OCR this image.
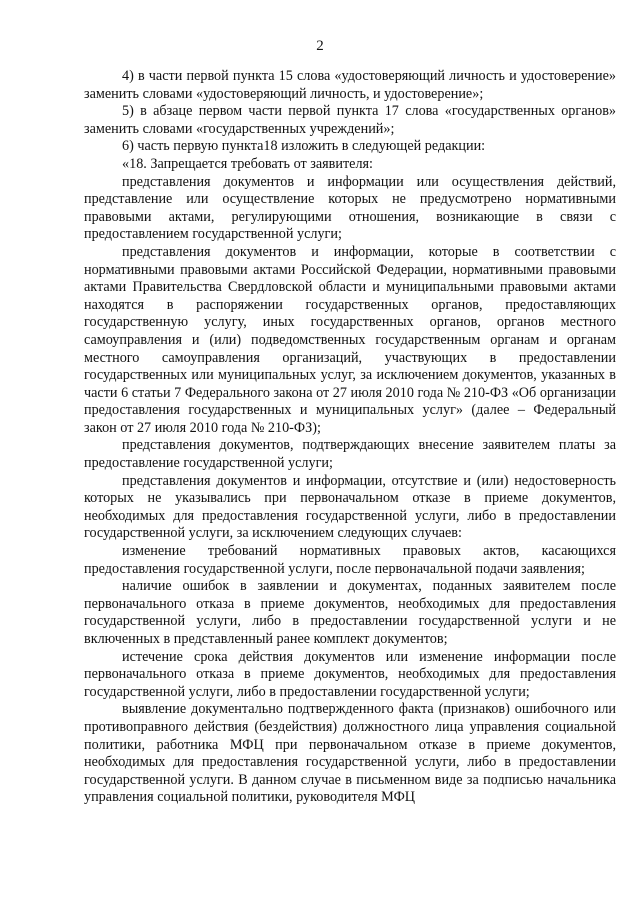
2

4) в части первой пункта 15 слова «удостоверяющий личность и удостоверение» заменить словами «удостоверяющий личность, и удостоверение»;

5) в абзаце первом части первой пункта 17 слова «государственных органов» заменить словами «государственных учреждений»;

6) часть первую пункта18 изложить в следующей редакции:

«18. Запрещается требовать от заявителя:

представления документов и информации или осуществления действий, представление или осуществление которых не предусмотрено нормативными правовыми актами, регулирующими отношения, возникающие в связи с предоставлением государственной услуги;

представления документов и информации, которые в соответствии с нормативными правовыми актами Российской Федерации, нормативными правовыми актами Правительства Свердловской области и муниципальными правовыми актами находятся в распоряжении государственных органов, предоставляющих государственную услугу, иных государственных органов, органов местного самоуправления и (или) подведомственных государственным органам и органам местного самоуправления организаций, участвующих в предоставлении государственных или муниципальных услуг, за исключением документов, указанных в части 6 статьи 7 Федерального закона от 27 июля 2010 года № 210-ФЗ «Об организации предоставления государственных и муниципальных услуг» (далее – Федеральный закон от 27 июля 2010 года № 210-ФЗ);

представления документов, подтверждающих внесение заявителем платы за предоставление государственной услуги;

представления документов и информации, отсутствие и (или) недостоверность которых не указывались при первоначальном отказе в приеме документов, необходимых для предоставления государственной услуги, либо в предоставлении государственной услуги, за исключением следующих случаев:

изменение требований нормативных правовых актов, касающихся предоставления государственной услуги, после первоначальной подачи заявления;

наличие ошибок в заявлении и документах, поданных заявителем после первоначального отказа в приеме документов, необходимых для предоставления государственной услуги, либо в предоставлении государственной услуги и не включенных в представленный ранее комплект документов;

истечение срока действия документов или изменение информации после первоначального отказа в приеме документов, необходимых для предоставления государственной услуги, либо в предоставлении государственной услуги;

выявление документально подтвержденного факта (признаков) ошибочного или противоправного действия (бездействия) должностного лица управления социальной политики, работника МФЦ при первоначальном отказе в приеме документов, необходимых для предоставления государственной услуги, либо в предоставлении государственной услуги. В данном случае в письменном виде за подписью начальника управления социальной политики, руководителя МФЦ
